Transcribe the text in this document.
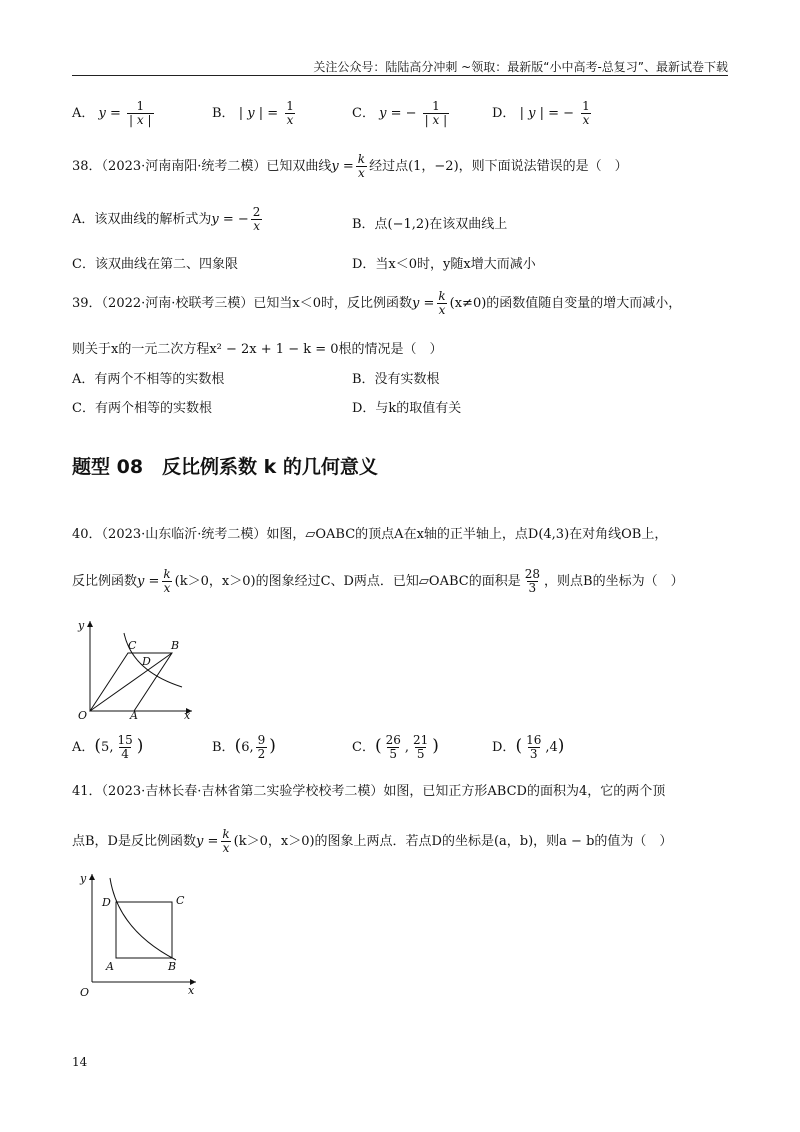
关注公众号：陆陆高分冲刺 ~领取：最新版“小中高考-总复习”、最新试卷下载
A． $y = \frac{1}{| x |}$	B． | y | = $\frac{1}{x}$	C． y = − $\frac{1}{| x |}$	D． | y | = − $\frac{1}{x}$
38．（2023·河南南阳·统考二模）已知双曲线$y = \frac{k}{x}$ 经过点(1，−2)，则下面说法错误的是（　）
A．该双曲线的解析式为y = − $\frac{2}{x}$	B．点(−1,2)在该双曲线上
C．该双曲线在第二、四象限	D．当x＜0时，y随x增大而减小
39．（2022·河南·校联考三模）已知当x＜0时，反比例函数$y = \frac{k}{x} (x\ne 0)$的函数值随自变量的增大而减小，
则关于x的一元二次方程x² − 2x + 1 − k = 0根的情况是（　）
A．有两个不相等的实数根	B．没有实数根
C．有两个相等的实数根	D．与k的取值有关
题型 08　反比例系数 k 的几何意义
40．（2023·山东临沂·统考二模）如图，▱OABC的顶点A在x轴的正半轴上，点D(4,3)在对角线OB上，
反比例函数$y = \frac{k}{x} (k>0$，x＞0)的图象经过C、D两点．已知▱OABC的面积是 $\frac{28}{3}$ ，则点B的坐标为（　）
y
x
O	A
B
C
D
A．(5, $\frac{15}{4}$ )	B．(6, $\frac{9}{2}$ )	C．( $\frac{26}{5}$ , $\frac{21}{5}$ )	D．( $\frac{16}{3} ,4$)
41．（2023·吉林长春·吉林省第二实验学校校考二模）如图，已知正方形ABCD的面积为4，它的两个顶
点B，D是反比例函数$y = \frac{k}{x} (k>0$，x＞0)的图象上两点．若点D的坐标是(a，b)，则a − b的值为（　）
y
x
O
A	B
C
D
14
